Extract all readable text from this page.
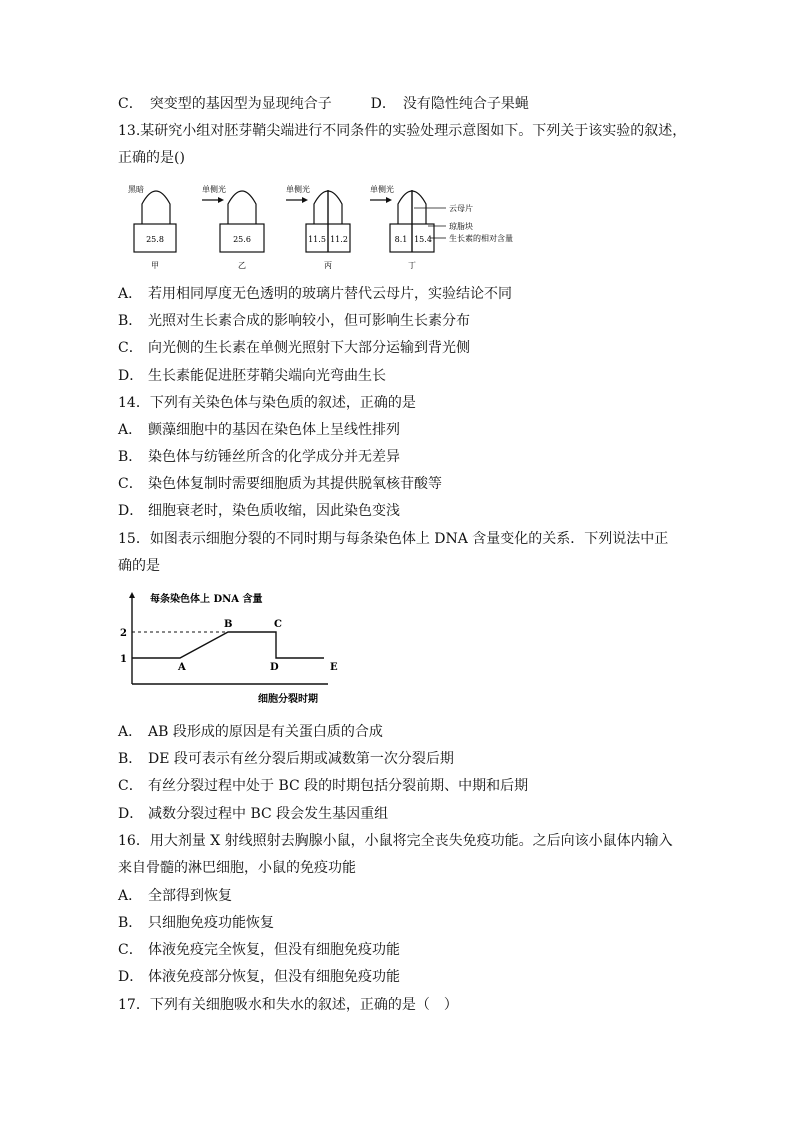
C．　突变型的基因型为显现纯合子	D．　没有隐性纯合子果蝇
13.某研究小组对胚芽鞘尖端进行不同条件的实验处理示意图如下。下列关于该实验的叙述，
正确的是()
黑暗
25.8
甲
单侧光
25.6
乙
单侧光
11.5 11.2
丙
单侧光
8.1 15.4
丁
云母片
琼脂块
生长素的相对含量
A． 若用相同厚度无色透明的玻璃片替代云母片，实验结论不同
B． 光照对生长素合成的影响较小，但可影响生长素分布
C． 向光侧的生长素在单侧光照射下大部分运输到背光侧
D． 生长素能促进胚芽鞘尖端向光弯曲生长
14．下列有关染色体与染色质的叙述，正确的是
A． 颤藻细胞中的基因在染色体上呈线性排列
B． 染色体与纺锤丝所含的化学成分并无差异
C． 染色体复制时需要细胞质为其提供脱氧核苷酸等
D． 细胞衰老时，染色质收缩，因此染色变浅
15．如图表示细胞分裂的不同时期与每条染色体上 DNA 含量变化的关系．下列说法中正
确的是
每条染色体上 DNA 含量
细胞分裂时期
1
2
A
B	C
D	E
A． AB 段形成的原因是有关蛋白质的合成
B． DE 段可表示有丝分裂后期或减数第一次分裂后期
C． 有丝分裂过程中处于 BC 段的时期包括分裂前期、中期和后期
D． 减数分裂过程中 BC 段会发生基因重组
16．用大剂量 X 射线照射去胸腺小鼠，小鼠将完全丧失免疫功能。之后向该小鼠体内输入
来自骨髓的淋巴细胞，小鼠的免疫功能
A． 全部得到恢复
B． 只细胞免疫功能恢复
C． 体液免疫完全恢复，但没有细胞免疫功能
D． 体液免疫部分恢复，但没有细胞免疫功能
17．下列有关细胞吸水和失水的叙述，正确的是（　）
